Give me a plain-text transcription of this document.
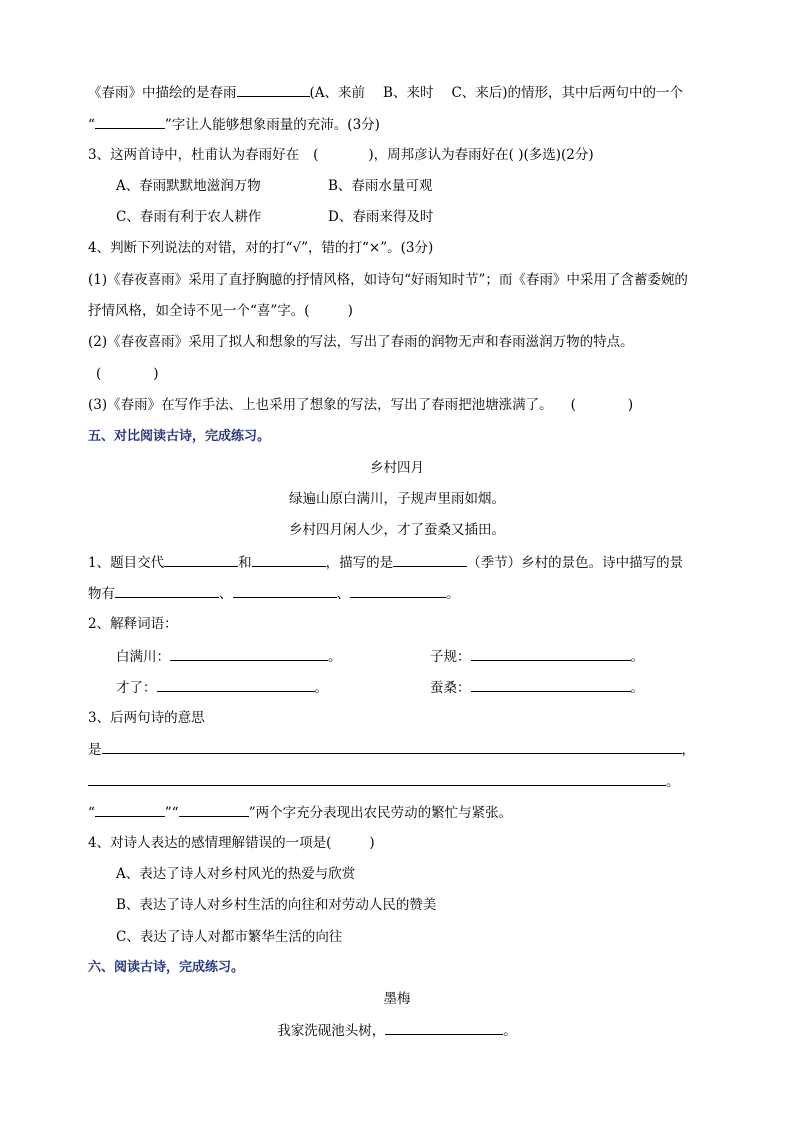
《春雨》中描绘的是春雨	(A、来前 B、来时 C、来后)的情形，其中后两句中的一个
“	”字让人能够想象雨量的充沛。(3分)
3、这两首诗中，杜甫认为春雨好在 (	)，周邦彦认为春雨好在( )(多选)(2分)
A、春雨默默地滋润万物	B、春雨水量可观
C、春雨有利于农人耕作	D、春雨来得及时
4、判断下列说法的对错，对的打“√”，错的打“×”。(3分)
(1)《春夜喜雨》采用了直抒胸臆的抒情风格，如诗句“好雨知时节”；而《春雨》中采用了含蓄委婉的
抒情风格，如全诗不见一个“喜”字。(	)
(2)《春夜喜雨》采用了拟人和想象的写法，写出了春雨的润物无声和春雨滋润万物的特点。
(	)
(3)《春雨》在写作手法、上也采用了想象的写法，写出了春雨把池塘涨满了。 (	)
五、对比阅读古诗，完成练习。
乡村四月
绿遍山原白满川，子规声里雨如烟。
乡村四月闲人少，才了蚕桑又插田。
1、题目交代	和	，描写的是	（季节）乡村的景色。诗中描写的景
物有	、	、	。
2、解释词语：
白满川：	。	子规：	。
才了：	。	蚕桑：	。
3、后两句诗的意思
是	，
。
“	”“	”两个字充分表现出农民劳动的繁忙与紧张。
4、对诗人表达的感情理解错误的一项是(	)
A、表达了诗人对乡村风光的热爱与欣赏
B、表达了诗人对乡村生活的向往和对劳动人民的赞美
C、表达了诗人对都市繁华生活的向往
六、阅读古诗，完成练习。
墨梅
我家洗砚池头树，	。
